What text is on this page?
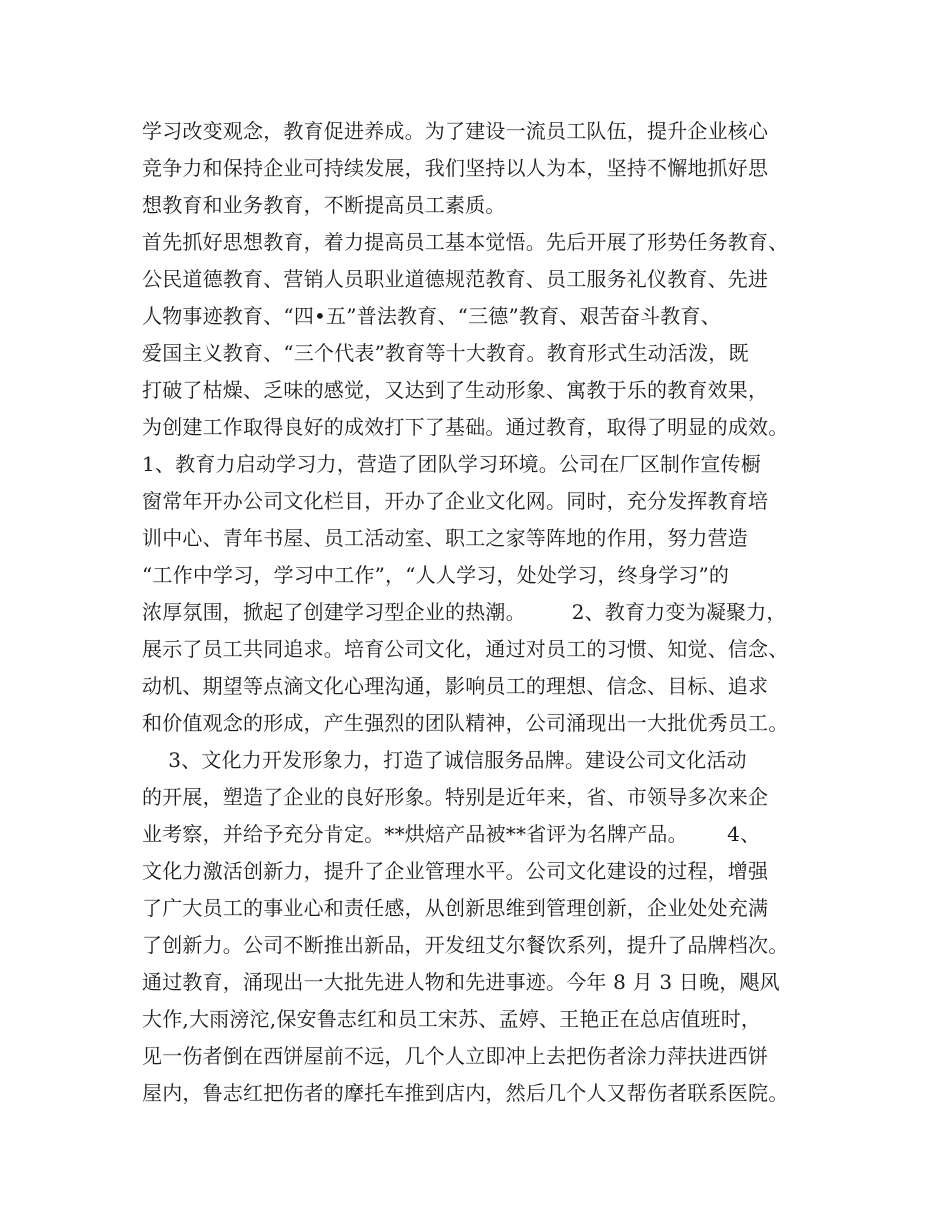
学习改变观念，教育促进养成。为了建设一流员工队伍，提升企业核心
竞争力和保持企业可持续发展，我们坚持以人为本，坚持不懈地抓好思
想教育和业务教育，不断提高员工素质。
首先抓好思想教育，着力提高员工基本觉悟。先后开展了形势任务教育、
公民道德教育、营销人员职业道德规范教育、员工服务礼仪教育、先进
人物事迹教育、“四•五”普法教育、“三德”教育、艰苦奋斗教育、
爱国主义教育、“三个代表”教育等十大教育。教育形式生动活泼，既
打破了枯燥、乏味的感觉，又达到了生动形象、寓教于乐的教育效果，
为创建工作取得良好的成效打下了基础。通过教育，取得了明显的成效。
1、教育力启动学习力，营造了团队学习环境。公司在厂区制作宣传橱
窗常年开办公司文化栏目，开办了企业文化网。同时，充分发挥教育培
训中心、青年书屋、员工活动室、职工之家等阵地的作用，努力营造
“工作中学习，学习中工作”，“人人学习，处处学习，终身学习”的
浓厚氛围，掀起了创建学习型企业的热潮。       2、教育力变为凝聚力，
展示了员工共同追求。培育公司文化，通过对员工的习惯、知觉、信念、
动机、期望等点滴文化心理沟通，影响员工的理想、信念、目标、追求
和价值观念的形成，产生强烈的团队精神，公司涌现出一大批优秀员工。
3、文化力开发形象力，打造了诚信服务品牌。建设公司文化活动
的开展，塑造了企业的良好形象。特别是近年来，省、市领导多次来企
业考察，并给予充分肯定。**烘焙产品被**省评为名牌产品。      4、
文化力激活创新力，提升了企业管理水平。公司文化建设的过程，增强
了广大员工的事业心和责任感，从创新思维到管理创新，企业处处充满
了创新力。公司不断推出新品，开发纽艾尔餐饮系列，提升了品牌档次。
通过教育，涌现出一大批先进人物和先进事迹。今年 8 月 3 日晚，飓风
大作,大雨滂沱,保安鲁志红和员工宋苏、孟婷、王艳正在总店值班时，
见一伤者倒在西饼屋前不远，几个人立即冲上去把伤者涂力萍扶进西饼
屋内，鲁志红把伤者的摩托车推到店内，然后几个人又帮伤者联系医院。
